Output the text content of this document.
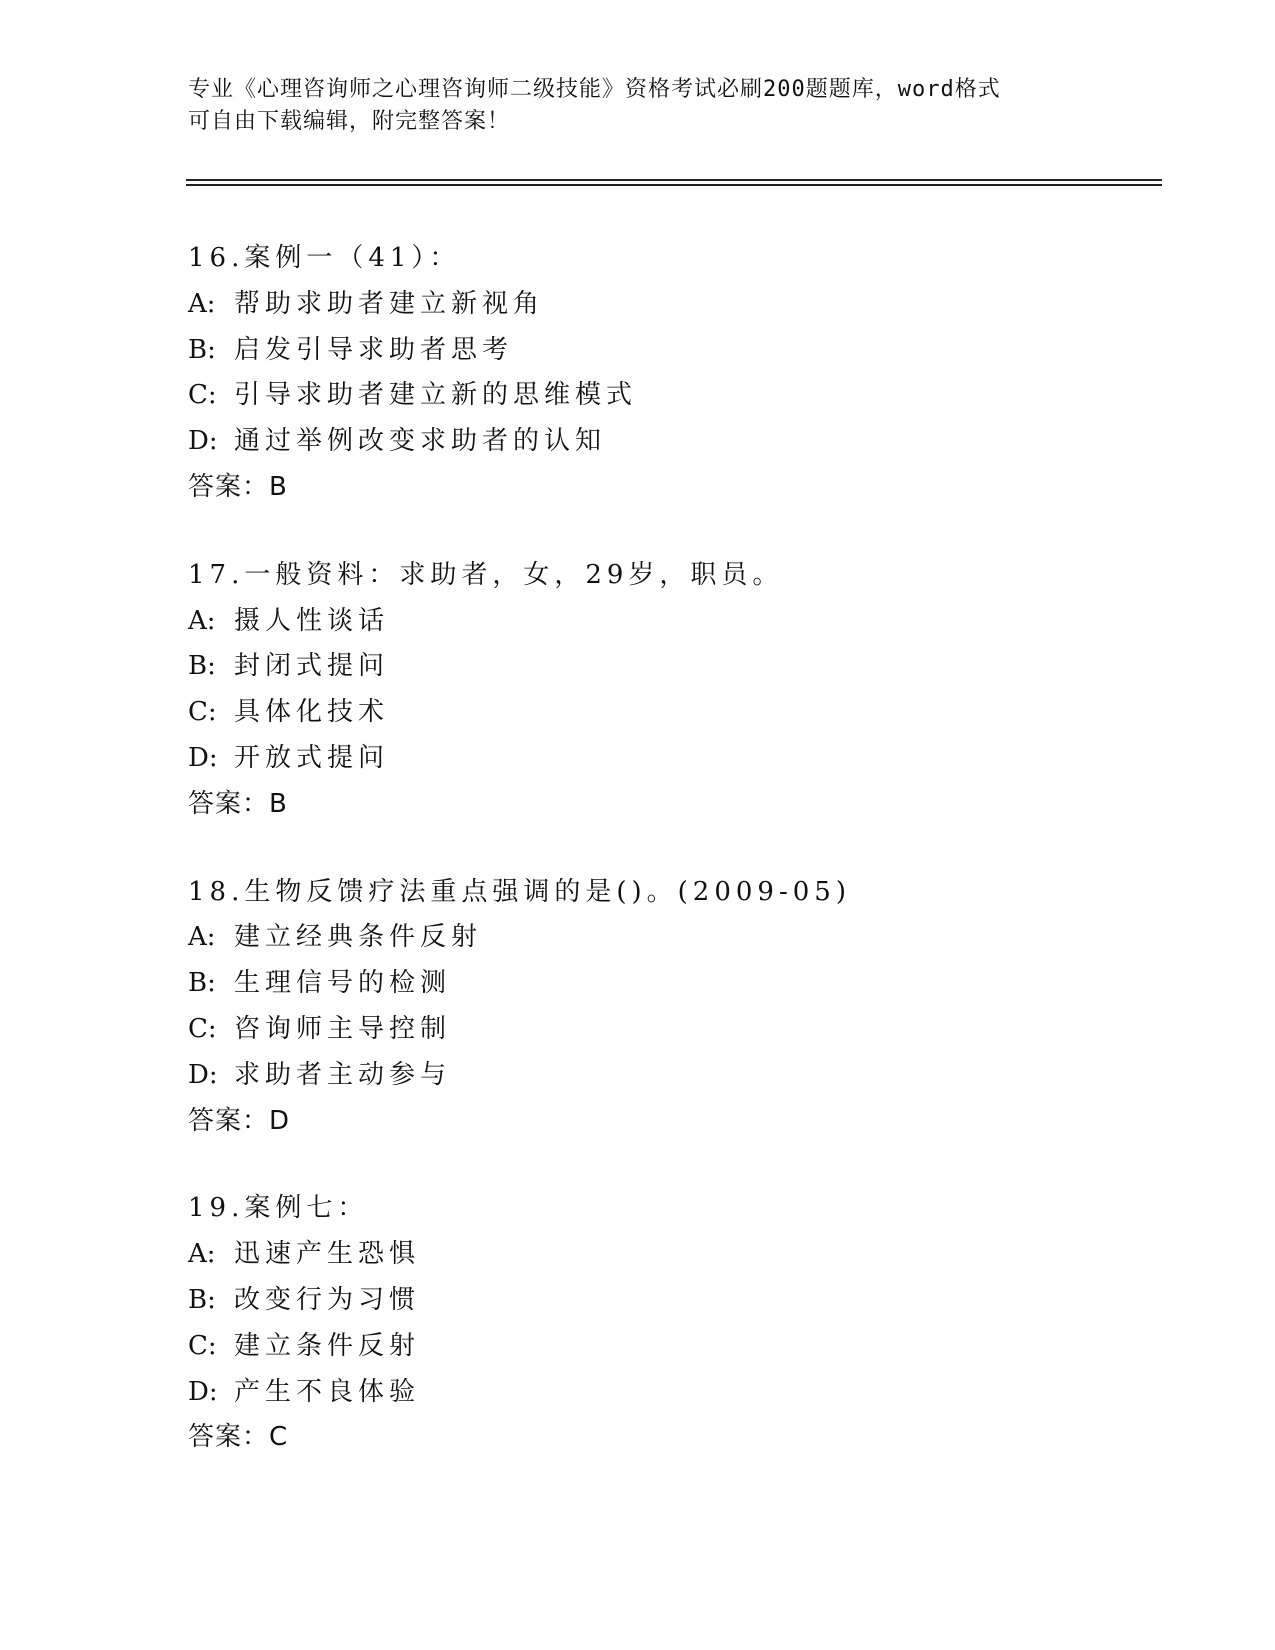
专业《心理咨询师之心理咨询师二级技能》资格考试必刷200题题库，word格式
可自由下载编辑，附完整答案！
16.案例一（41）：
A: 帮助求助者建立新视角
B: 启发引导求助者思考
C: 引导求助者建立新的思维模式
D: 通过举例改变求助者的认知
答案：B
17.一般资料：求助者，女，29岁，职员。
A: 摄人性谈话
B: 封闭式提问
C: 具体化技术
D: 开放式提问
答案：B
18.生物反馈疗法重点强调的是()。(2009-05)
A: 建立经典条件反射
B: 生理信号的检测
C: 咨询师主导控制
D: 求助者主动参与
答案：D
19.案例七：
A: 迅速产生恐惧
B: 改变行为习惯
C: 建立条件反射
D: 产生不良体验
答案：C
